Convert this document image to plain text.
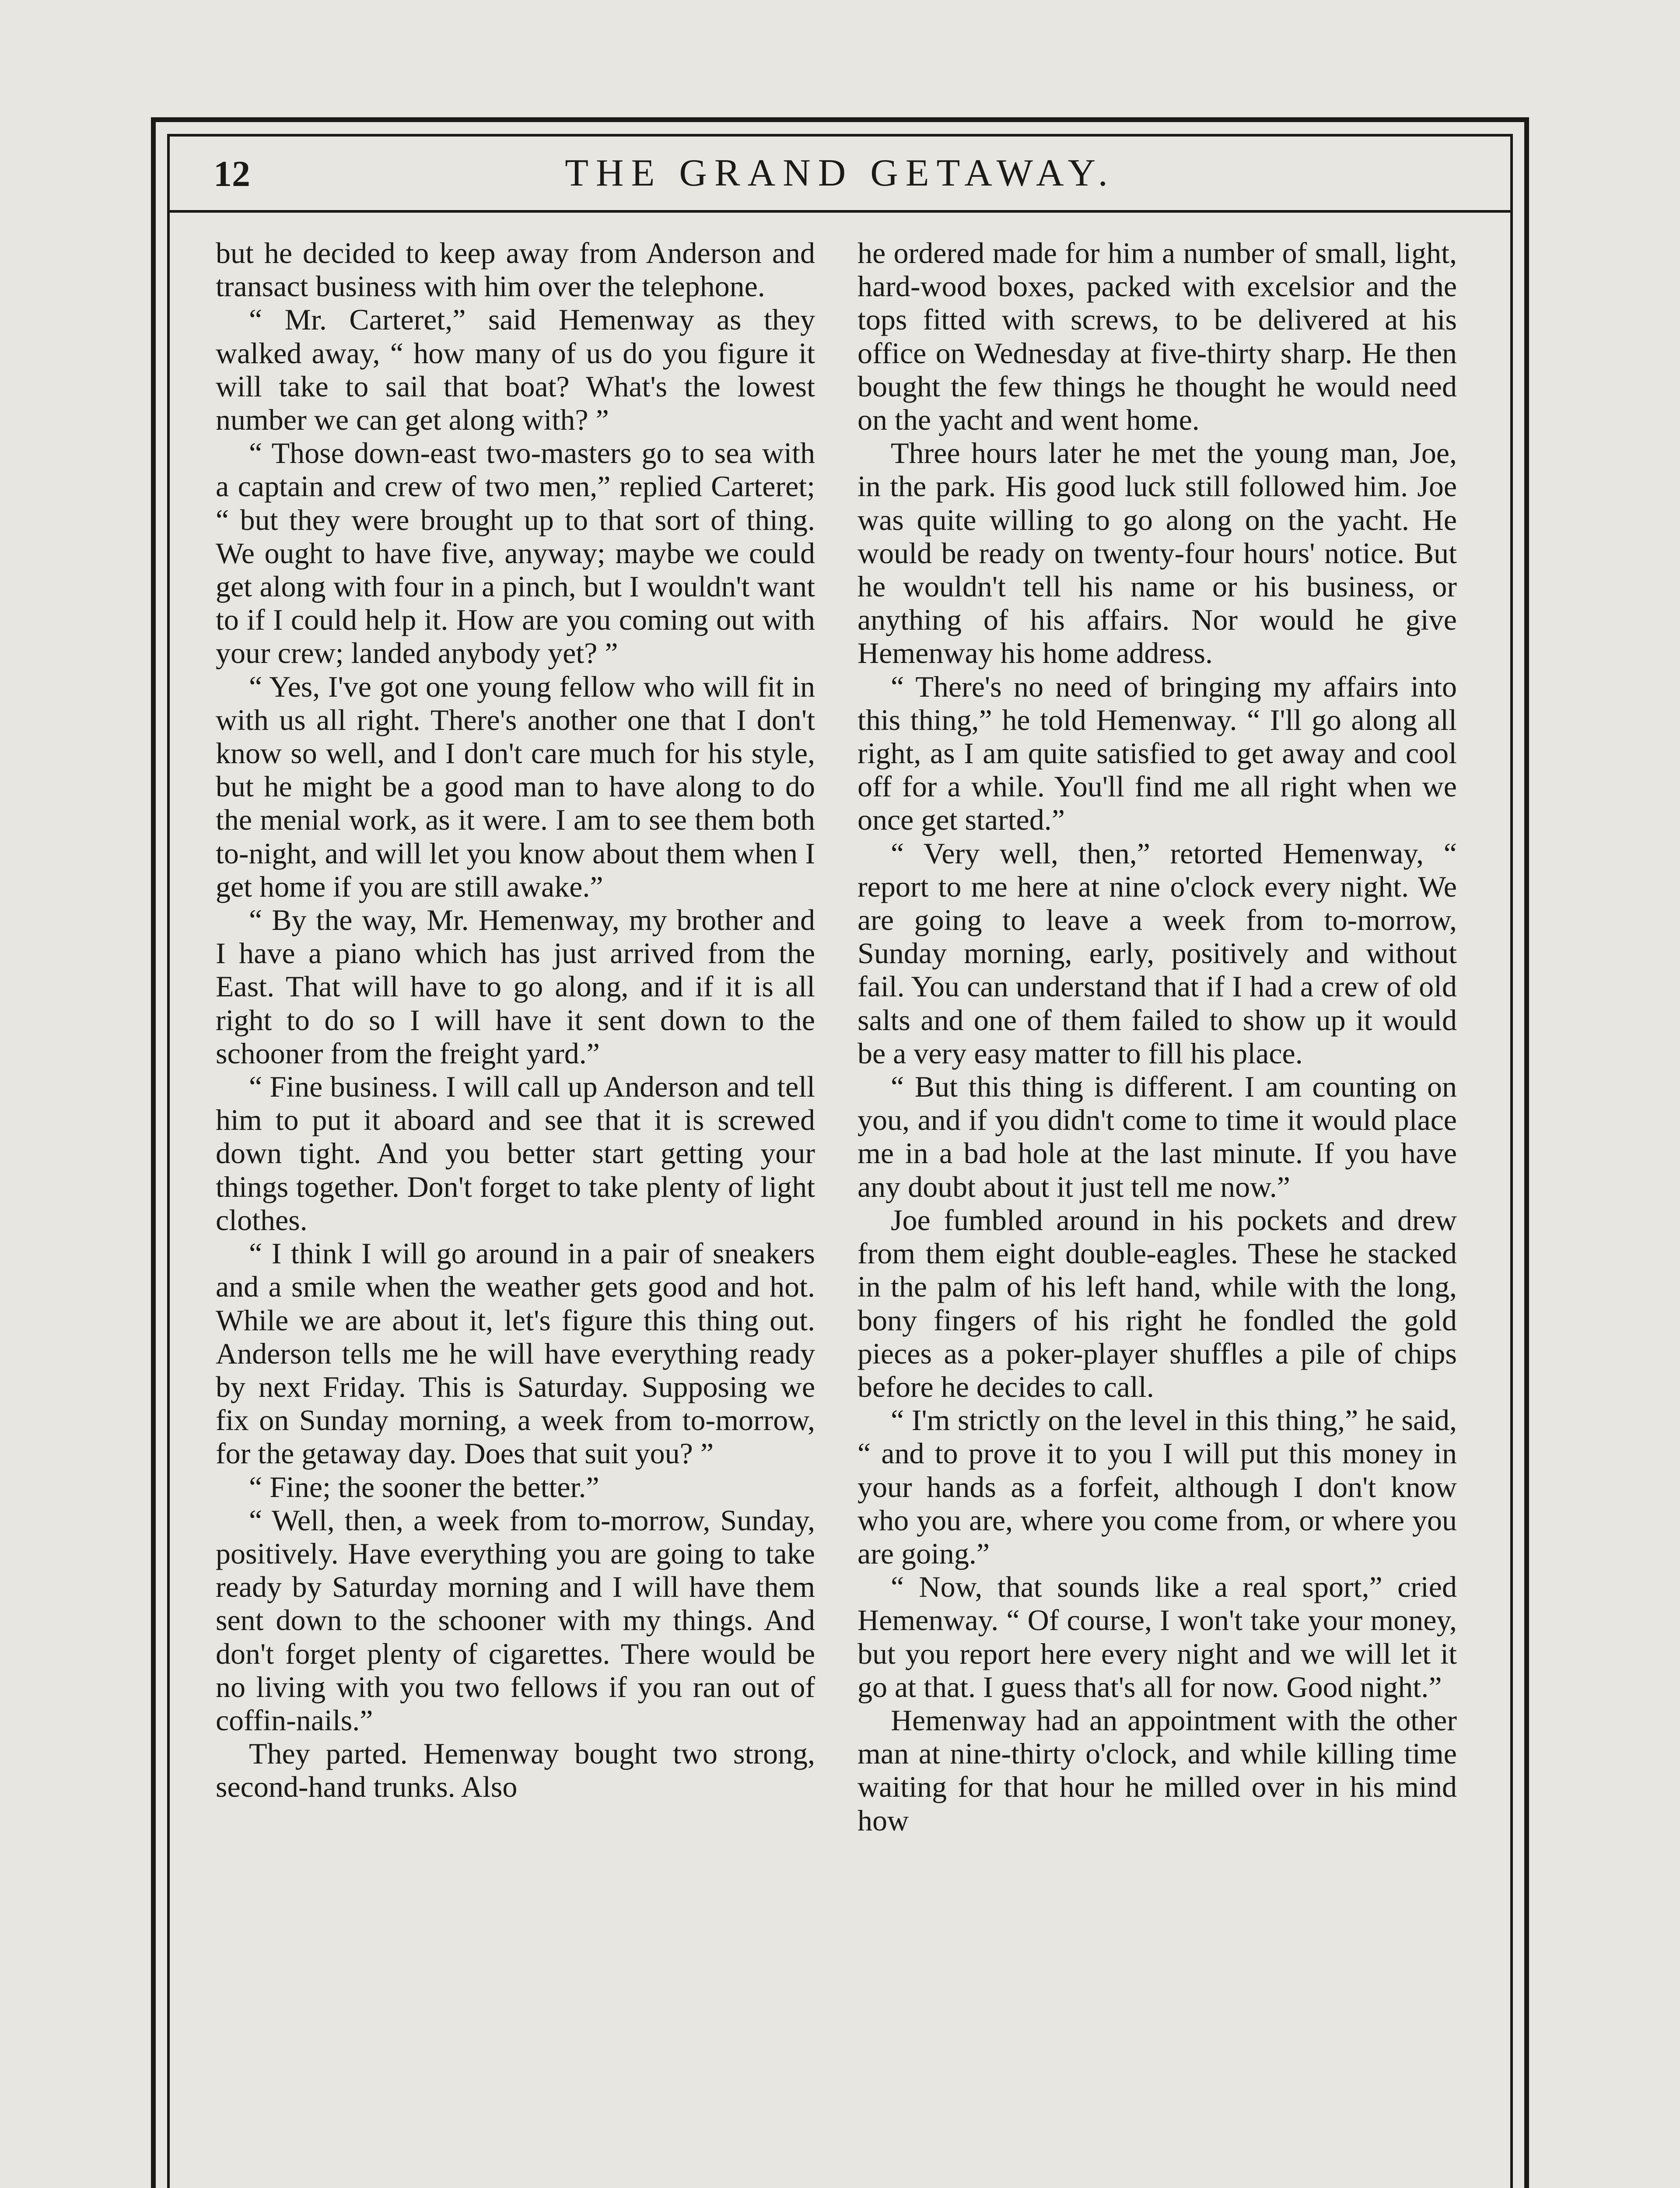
12	THE GRAND GETAWAY.

but he decided to keep away from Anderson and transact business with him over the telephone.

“ Mr. Carteret,” said Hemenway as they walked away, “ how many of us do you figure it will take to sail that boat? What's the lowest number we can get along with? ”

“ Those down-east two-masters go to sea with a captain and crew of two men,” replied Carteret; “ but they were brought up to that sort of thing. We ought to have five, anyway; maybe we could get along with four in a pinch, but I wouldn't want to if I could help it. How are you coming out with your crew; landed anybody yet? ”

“ Yes, I've got one young fellow who will fit in with us all right. There's another one that I don't know so well, and I don't care much for his style, but he might be a good man to have along to do the menial work, as it were. I am to see them both to-night, and will let you know about them when I get home if you are still awake.”

“ By the way, Mr. Hemenway, my brother and I have a piano which has just arrived from the East. That will have to go along, and if it is all right to do so I will have it sent down to the schooner from the freight yard.”

“ Fine business. I will call up Anderson and tell him to put it aboard and see that it is screwed down tight. And you better start getting your things together. Don't forget to take plenty of light clothes.

“ I think I will go around in a pair of sneakers and a smile when the weather gets good and hot. While we are about it, let's figure this thing out. Anderson tells me he will have everything ready by next Friday. This is Saturday. Supposing we fix on Sunday morning, a week from to-morrow, for the getaway day. Does that suit you? ”

“ Fine; the sooner the better.”

“ Well, then, a week from to-morrow, Sunday, positively. Have everything you are going to take ready by Saturday morning and I will have them sent down to the schooner with my things. And don't forget plenty of cigarettes. There would be no living with you two fellows if you ran out of coffin-nails.”

They parted. Hemenway bought two strong, second-hand trunks. Also

he ordered made for him a number of small, light, hard-wood boxes, packed with excelsior and the tops fitted with screws, to be delivered at his office on Wednesday at five-thirty sharp. He then bought the few things he thought he would need on the yacht and went home.

Three hours later he met the young man, Joe, in the park. His good luck still followed him. Joe was quite willing to go along on the yacht. He would be ready on twenty-four hours' notice. But he wouldn't tell his name or his business, or anything of his affairs. Nor would he give Hemenway his home address.

“ There's no need of bringing my affairs into this thing,” he told Hemenway. “ I'll go along all right, as I am quite satisfied to get away and cool off for a while. You'll find me all right when we once get started.”

“ Very well, then,” retorted Hemenway, “ report to me here at nine o'clock every night. We are going to leave a week from to-morrow, Sunday morning, early, positively and without fail. You can understand that if I had a crew of old salts and one of them failed to show up it would be a very easy matter to fill his place.

“ But this thing is different. I am counting on you, and if you didn't come to time it would place me in a bad hole at the last minute. If you have any doubt about it just tell me now.”

Joe fumbled around in his pockets and drew from them eight double-eagles. These he stacked in the palm of his left hand, while with the long, bony fingers of his right he fondled the gold pieces as a poker-player shuffles a pile of chips before he decides to call.

“ I'm strictly on the level in this thing,” he said, “ and to prove it to you I will put this money in your hands as a forfeit, although I don't know who you are, where you come from, or where you are going.”

“ Now, that sounds like a real sport,” cried Hemenway. “ Of course, I won't take your money, but you report here every night and we will let it go at that. I guess that's all for now. Good night.”

Hemenway had an appointment with the other man at nine-thirty o'clock, and while killing time waiting for that hour he milled over in his mind how
